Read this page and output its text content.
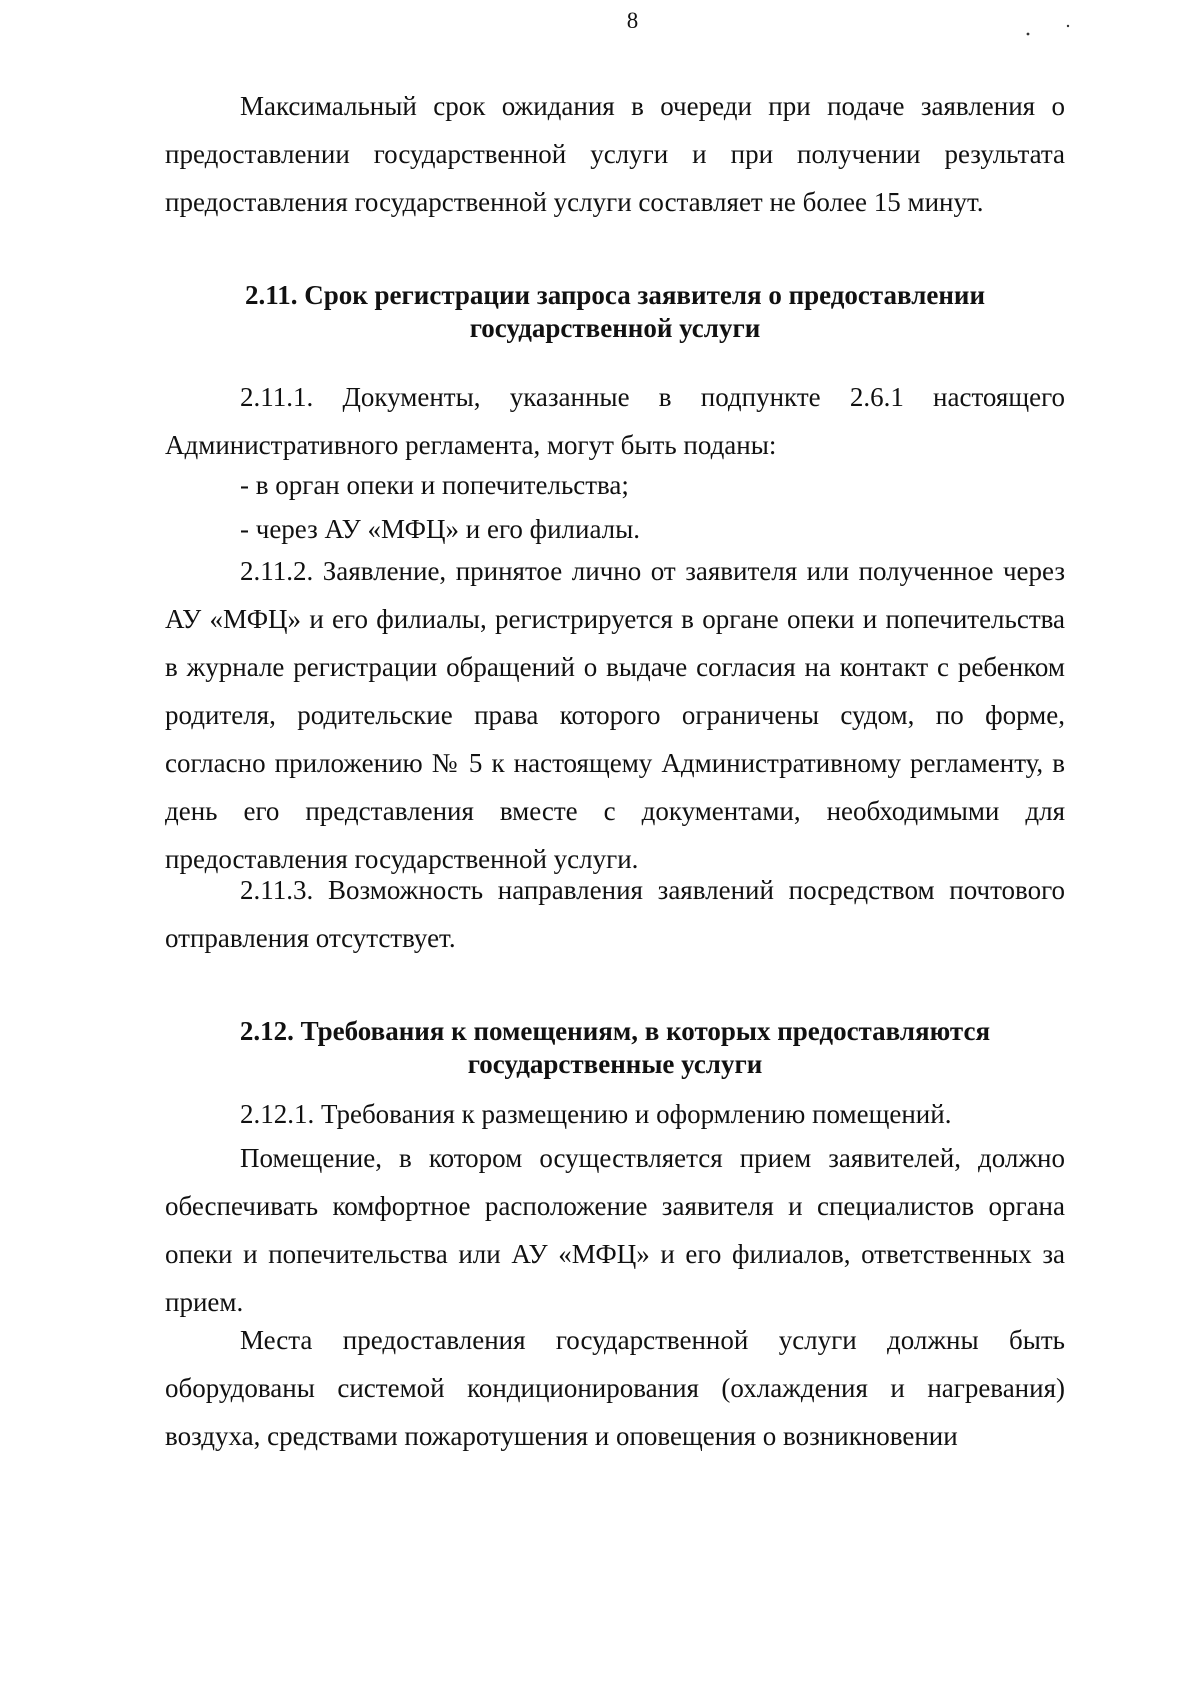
8

Максимальный срок ожидания в очереди при подаче заявления о предоставлении государственной услуги и при получении результата предоставления государственной услуги составляет не более 15 минут.

2.11. Срок регистрации запроса заявителя о предоставлении
государственной услуги

2.11.1. Документы, указанные в подпункте 2.6.1 настоящего Административного регламента, могут быть поданы:

- в орган опеки и попечительства;

- через АУ «МФЦ» и его филиалы.

2.11.2. Заявление, принятое лично от заявителя или полученное через АУ «МФЦ» и его филиалы, регистрируется в органе опеки и попечительства в журнале регистрации обращений о выдаче согласия на контакт с ребенком родителя, родительские права которого ограничены судом, по форме, согласно приложению № 5 к настоящему Административному регламенту, в день его представления вместе с документами, необходимыми для предоставления государственной услуги.

2.11.3. Возможность направления заявлений посредством почтового отправления отсутствует.

2.12. Требования к помещениям, в которых предоставляются
государственные услуги

2.12.1. Требования к размещению и оформлению помещений.

Помещение, в котором осуществляется прием заявителей, должно обеспечивать комфортное расположение заявителя и специалистов органа опеки и попечительства или АУ «МФЦ» и его филиалов, ответственных за прием.

Места предоставления государственной услуги должны быть оборудованы системой кондиционирования (охлаждения и нагревания) воздуха, средствами пожаротушения и оповещения о возникновении
